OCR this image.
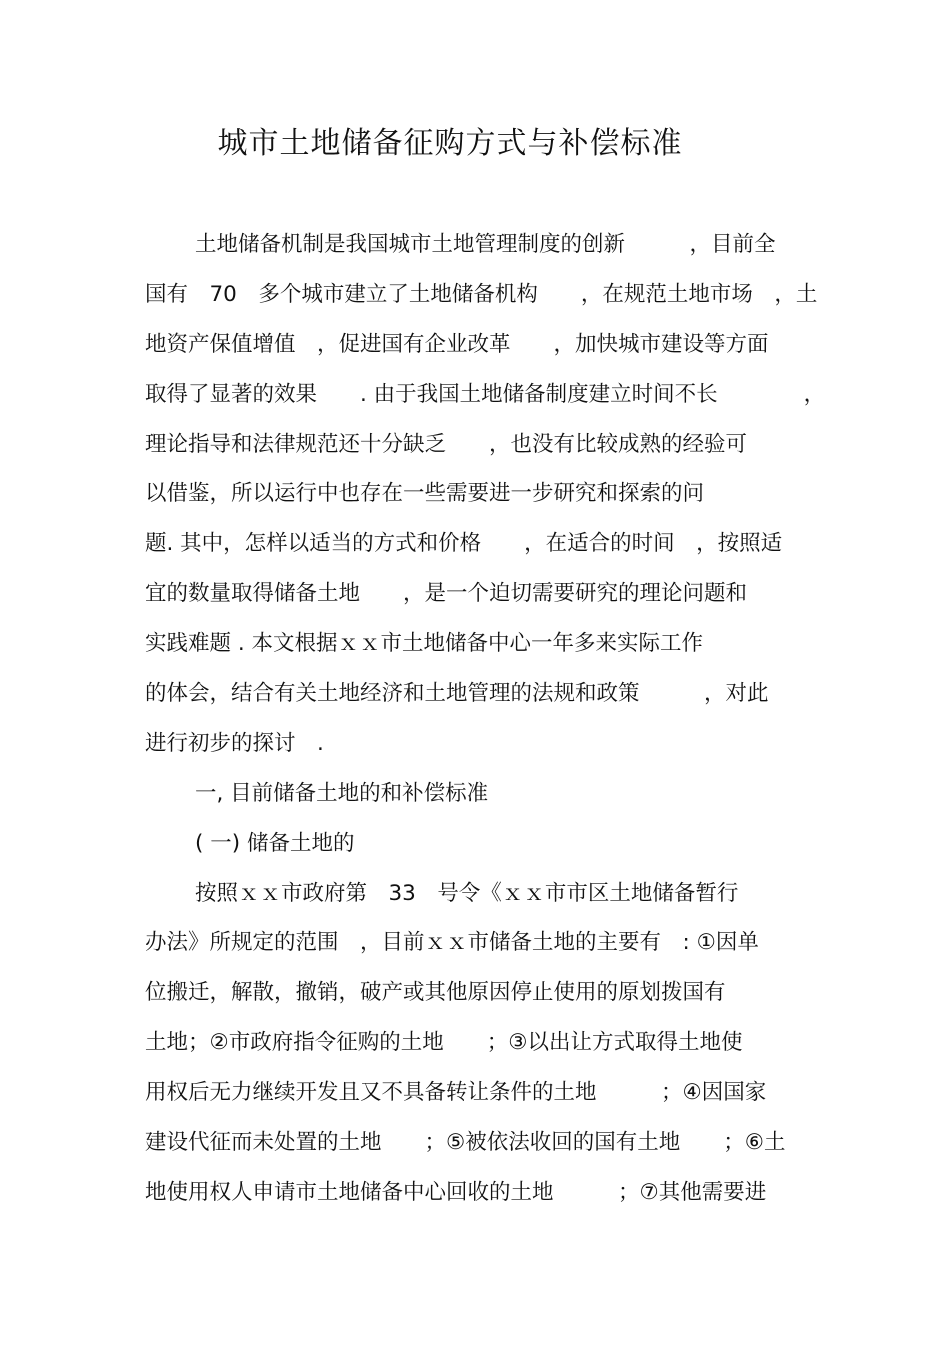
城市土地储备征购方式与补偿标准
土地储备机制是我国城市土地管理制度的创新　　　，目前全
国有　70　多个城市建立了土地储备机构　　，在规范土地市场　，土
地资产保值增值　，促进国有企业改革　　，加快城市建设等方面
取得了显著的效果　　. 由于我国土地储备制度建立时间不长　　　　，
理论指导和法律规范还十分缺乏　　，也没有比较成熟的经验可
以借鉴，所以运行中也存在一些需要进一步研究和探索的问
题. 其中，怎样以适当的方式和价格　　，在适合的时间　，按照适
宜的数量取得储备土地　　，是一个迫切需要研究的理论问题和
实践难题 . 本文根据ｘｘ市土地储备中心一年多来实际工作
的体会，结合有关土地经济和土地管理的法规和政策　　　，对此
进行初步的探讨　.
一, 目前储备土地的和补偿标准
( 一) 储备土地的
按照ｘｘ市政府第　33　号令《ｘｘ市市区土地储备暂行
办法》所规定的范围　，目前ｘｘ市储备土地的主要有　: ①因单
位搬迁，解散，撤销，破产或其他原因停止使用的原划拨国有
土地；②市政府指令征购的土地　　；③以出让方式取得土地使
用权后无力继续开发且又不具备转让条件的土地　　　；④因国家
建设代征而未处置的土地　　；⑤被依法收回的国有土地　　；⑥土
地使用权人申请市土地储备中心回收的土地　　　；⑦其他需要进
